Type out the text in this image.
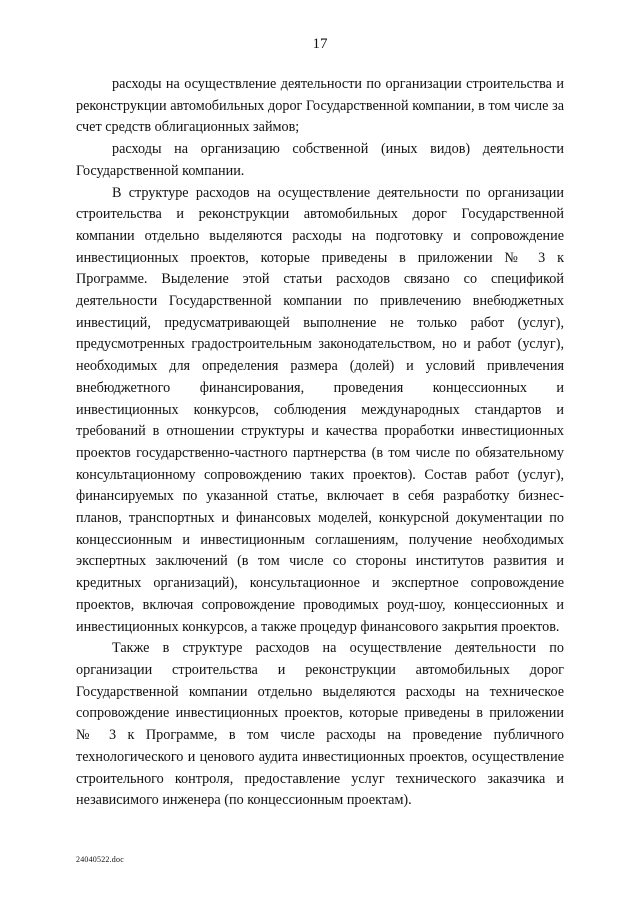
17

расходы на осуществление деятельности по организации строительства и реконструкции автомобильных дорог Государственной компании, в том числе за счет средств облигационных займов;

расходы на организацию собственной (иных видов) деятельности Государственной компании.

В структуре расходов на осуществление деятельности по организации строительства и реконструкции автомобильных дорог Государственной компании отдельно выделяются расходы на подготовку и сопровождение инвестиционных проектов, которые приведены в приложении № 3 к Программе. Выделение этой статьи расходов связано со спецификой деятельности Государственной компании по привлечению внебюджетных инвестиций, предусматривающей выполнение не только работ (услуг), предусмотренных градостроительным законодательством, но и работ (услуг), необходимых для определения размера (долей) и условий привлечения внебюджетного финансирования, проведения концессионных и инвестиционных конкурсов, соблюдения международных стандартов и требований в отношении структуры и качества проработки инвестиционных проектов государственно-частного партнерства (в том числе по обязательному консультационному сопровождению таких проектов). Состав работ (услуг), финансируемых по указанной статье, включает в себя разработку бизнес-планов, транспортных и финансовых моделей, конкурсной документации по концессионным и инвестиционным соглашениям, получение необходимых экспертных заключений (в том числе со стороны институтов развития и кредитных организаций), консультационное и экспертное сопровождение проектов, включая сопровождение проводимых роуд-шоу, концессионных и инвестиционных конкурсов, а также процедур финансового закрытия проектов.

Также в структуре расходов на осуществление деятельности по организации строительства и реконструкции автомобильных дорог Государственной компании отдельно выделяются расходы на техническое сопровождение инвестиционных проектов, которые приведены в приложении № 3 к Программе, в том числе расходы на проведение публичного технологического и ценового аудита инвестиционных проектов, осуществление строительного контроля, предоставление услуг технического заказчика и независимого инженера (по концессионным проектам).

24040522.doc
